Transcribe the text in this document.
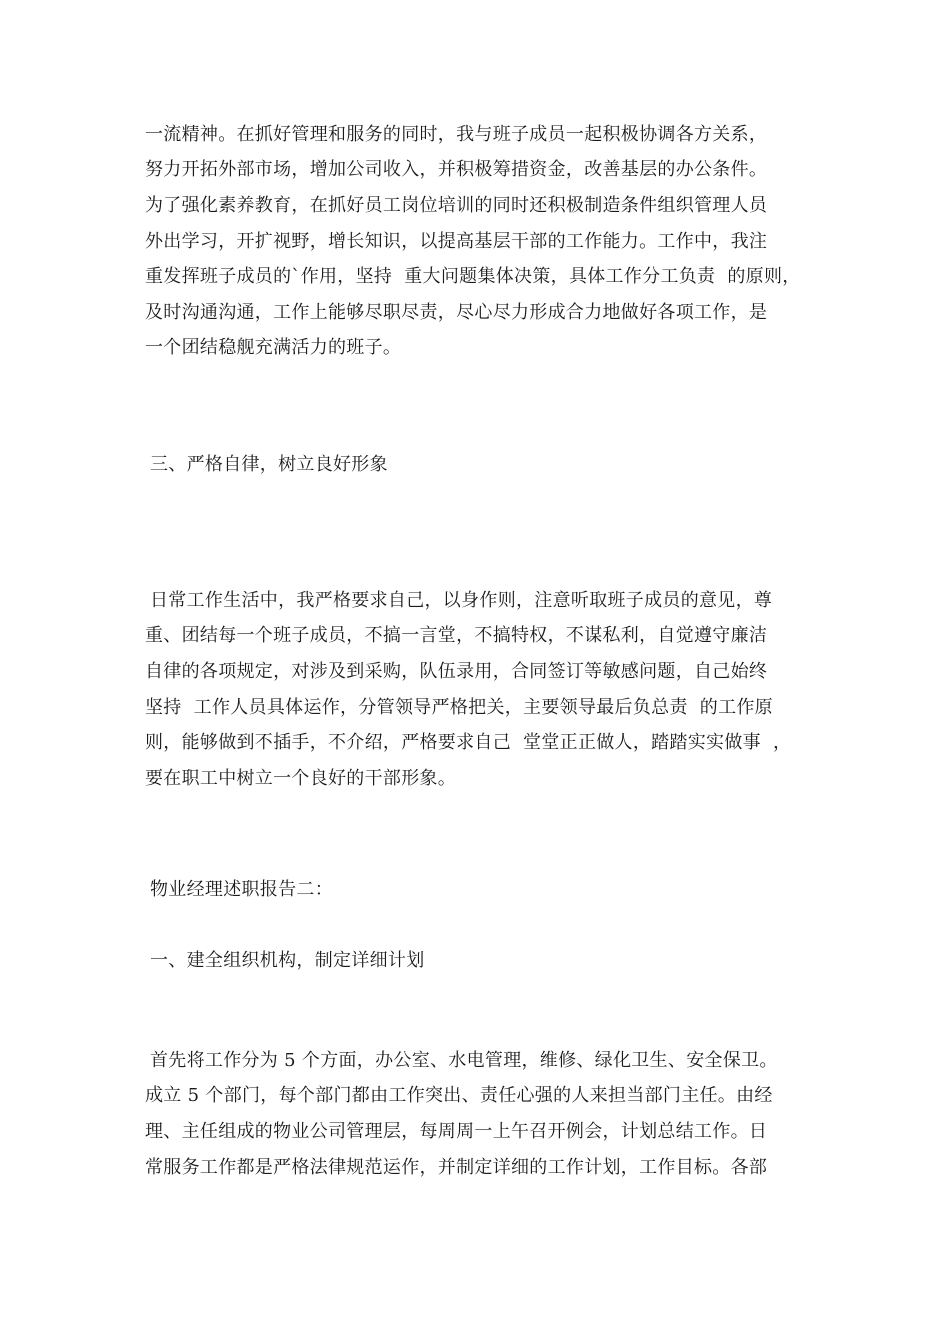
一流精神。在抓好管理和服务的同时，我与班子成员一起积极协调各方关系，
努力开拓外部市场，增加公司收入，并积极筹措资金，改善基层的办公条件。
为了强化素养教育，在抓好员工岗位培训的同时还积极制造条件组织管理人员
外出学习，开扩视野，增长知识，以提高基层干部的工作能力。工作中，我注
重发挥班子成员的`作用，坚持  重大问题集体决策，具体工作分工负责  的原则，
及时沟通沟通，工作上能够尽职尽责，尽心尽力形成合力地做好各项工作，是
一个团结稳舰充满活力的班子。
三、严格自律，树立良好形象
日常工作生活中，我严格要求自己，以身作则，注意听取班子成员的意见，尊
重、团结每一个班子成员，不搞一言堂，不搞特权，不谋私利，自觉遵守廉洁
自律的各项规定，对涉及到采购，队伍录用，合同签订等敏感问题，自己始终
坚持  工作人员具体运作，分管领导严格把关，主要领导最后负总责  的工作原
则，能够做到不插手，不介绍，严格要求自己  堂堂正正做人，踏踏实实做事  ，
要在职工中树立一个良好的干部形象。
物业经理述职报告二：
一、建全组织机构，制定详细计划
首先将工作分为 5 个方面，办公室、水电管理，维修、绿化卫生、安全保卫。
成立 5 个部门，每个部门都由工作突出、责任心强的人来担当部门主任。由经
理、主任组成的物业公司管理层，每周周一上午召开例会，计划总结工作。日
常服务工作都是严格法律规范运作，并制定详细的工作计划，工作目标。各部
